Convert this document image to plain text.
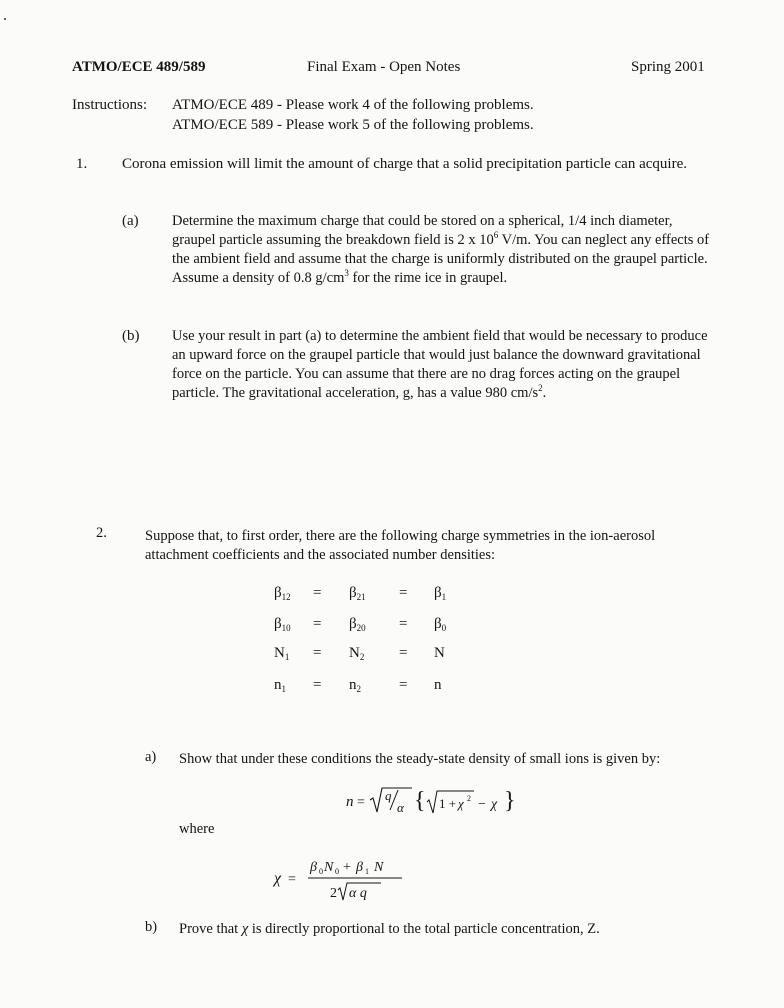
ATMO/ECE 489/589	Final Exam - Open Notes	Spring 2001
Instructions: ATMO/ECE 489 - Please work 4 of the following problems.
ATMO/ECE 589 - Please work 5 of the following problems.
1. Corona emission will limit the amount of charge that a solid precipitation particle can acquire.
(a) Determine the maximum charge that could be stored on a spherical, 1/4 inch diameter, graupel particle assuming the breakdown field is 2 x $10^6$ V/m. You can neglect any effects of the ambient field and assume that the charge is uniformly distributed on the graupel particle. Assume a density of 0.8 $g/cm^3$ for the rime ice in graupel.
(b) Use your result in part (a) to determine the ambient field that would be necessary to produce an upward force on the graupel particle that would just balance the downward gravitational force on the particle. You can assume that there are no drag forces acting on the graupel particle. The gravitational acceleration, g, has a value 980 $cm/s^2$.
2.	Suppose that, to first order, there are the following charge symmetries in the ion-aerosol attachment coefficients and the associated number densities:
$\beta_{12} = \beta_{21} = \beta_1$
$\beta_{10} = \beta_{20} = \beta_0$
$N_1 = N_2 = N$
$n_1 = n_2$	= n
a) Show that under these conditions the steady-state density of small ions is given by:
n = q
α { 1 + χ 2 − χ }
where
χ =
β 0 N 0 + β 1 N
2 α q
b) Prove that χ is directly proportional to the total particle concentration, Z.
